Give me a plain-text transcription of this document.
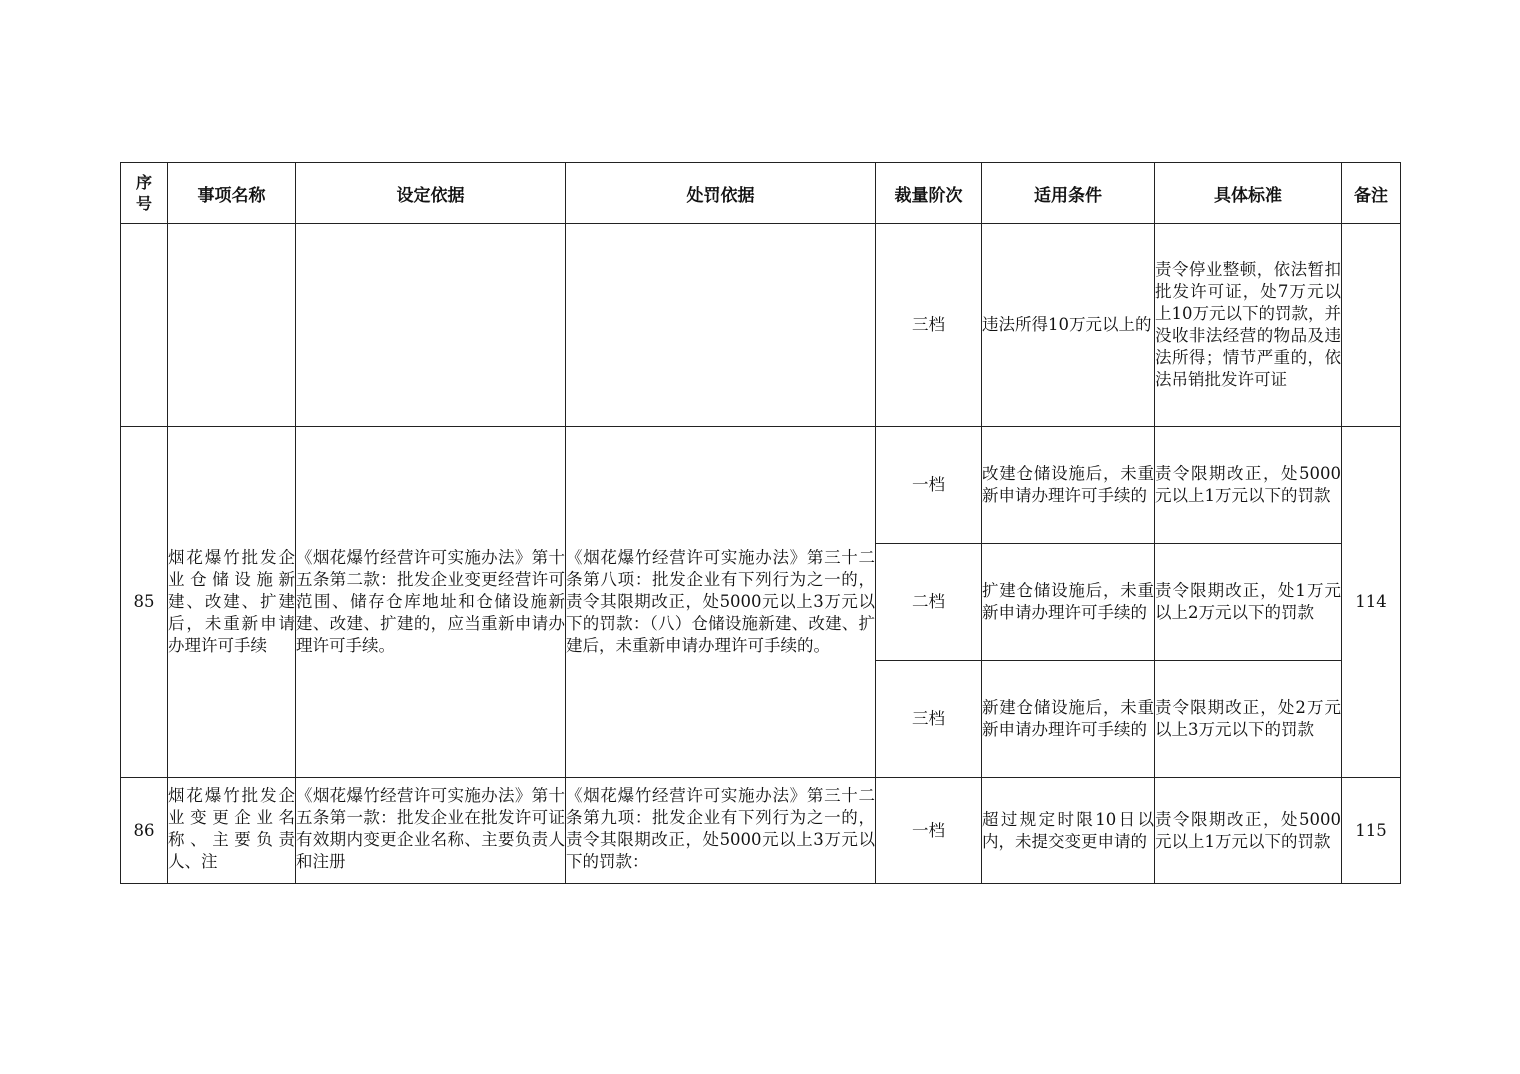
序号	事项名称	设定依据	处罚依据	裁量阶次	适用条件	具体标准	备注
				三档	违法所得10万元以上的	责令停业整顿，依法暂扣批发许可证，处7万元以上10万元以下的罚款，并没收非法经营的物品及违法所得；情节严重的，依法吊销批发许可证	
85	烟花爆竹批发企业仓储设施新建、改建、扩建后，未重新申请办理许可手续	《烟花爆竹经营许可实施办法》第十五条第二款：批发企业变更经营许可范围、储存仓库地址和仓储设施新建、改建、扩建的，应当重新申请办理许可手续。	《烟花爆竹经营许可实施办法》第三十二条第八项：批发企业有下列行为之一的，责令其限期改正，处5000元以上3万元以下的罚款：（八）仓储设施新建、改建、扩建后，未重新申请办理许可手续的。	一档	改建仓储设施后，未重新申请办理许可手续的	责令限期改正，处5000元以上1万元以下的罚款	114
				二档	扩建仓储设施后，未重新申请办理许可手续的	责令限期改正，处1万元以上2万元以下的罚款	
				三档	新建仓储设施后，未重新申请办理许可手续的	责令限期改正，处2万元以上3万元以下的罚款	
86	烟花爆竹批发企业变更企业名称、主要负责人、注	《烟花爆竹经营许可实施办法》第十五条第一款：批发企业在批发许可证有效期内变更企业名称、主要负责人和注册	《烟花爆竹经营许可实施办法》第三十二条第九项：批发企业有下列行为之一的，责令其限期改正，处5000元以上3万元以下的罚款：	一档	超过规定时限10日以内，未提交变更申请的	责令限期改正，处5000元以上1万元以下的罚款	115
